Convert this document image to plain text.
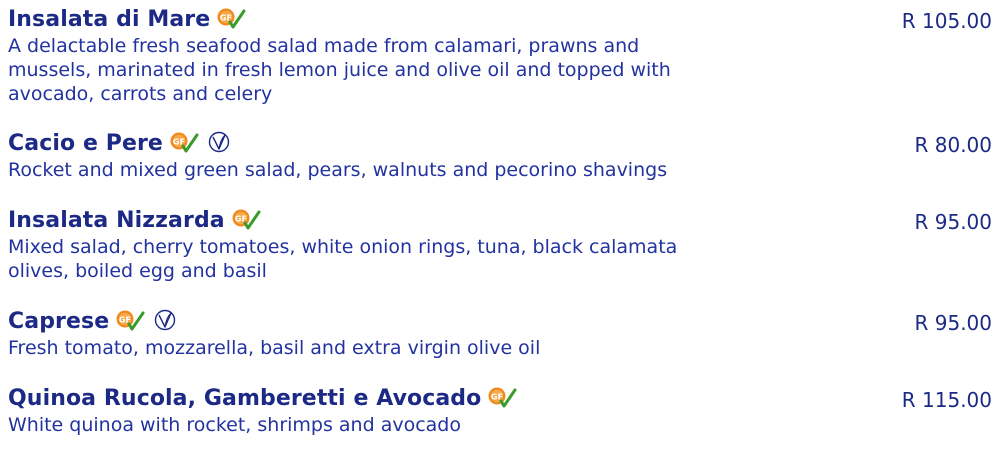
Insalata di Mare GF	R 105.00

A delactable fresh seafood salad made from calamari, prawns and
mussels, marinated in fresh lemon juice and olive oil and topped with
avocado, carrots and celery

Cacio e Pere GF
	R 80.00

Rocket and mixed green salad, pears, walnuts and pecorino shavings

Insalata Nizzarda GF	R 95.00

Mixed salad, cherry tomatoes, white onion rings, tuna, black calamata
olives, boiled egg and basil

Caprese GF
	R 95.00

Fresh tomato, mozzarella, basil and extra virgin olive oil

Quinoa Rucola, Gamberetti e Avocado GF	R 115.00

White quinoa with rocket, shrimps and avocado
